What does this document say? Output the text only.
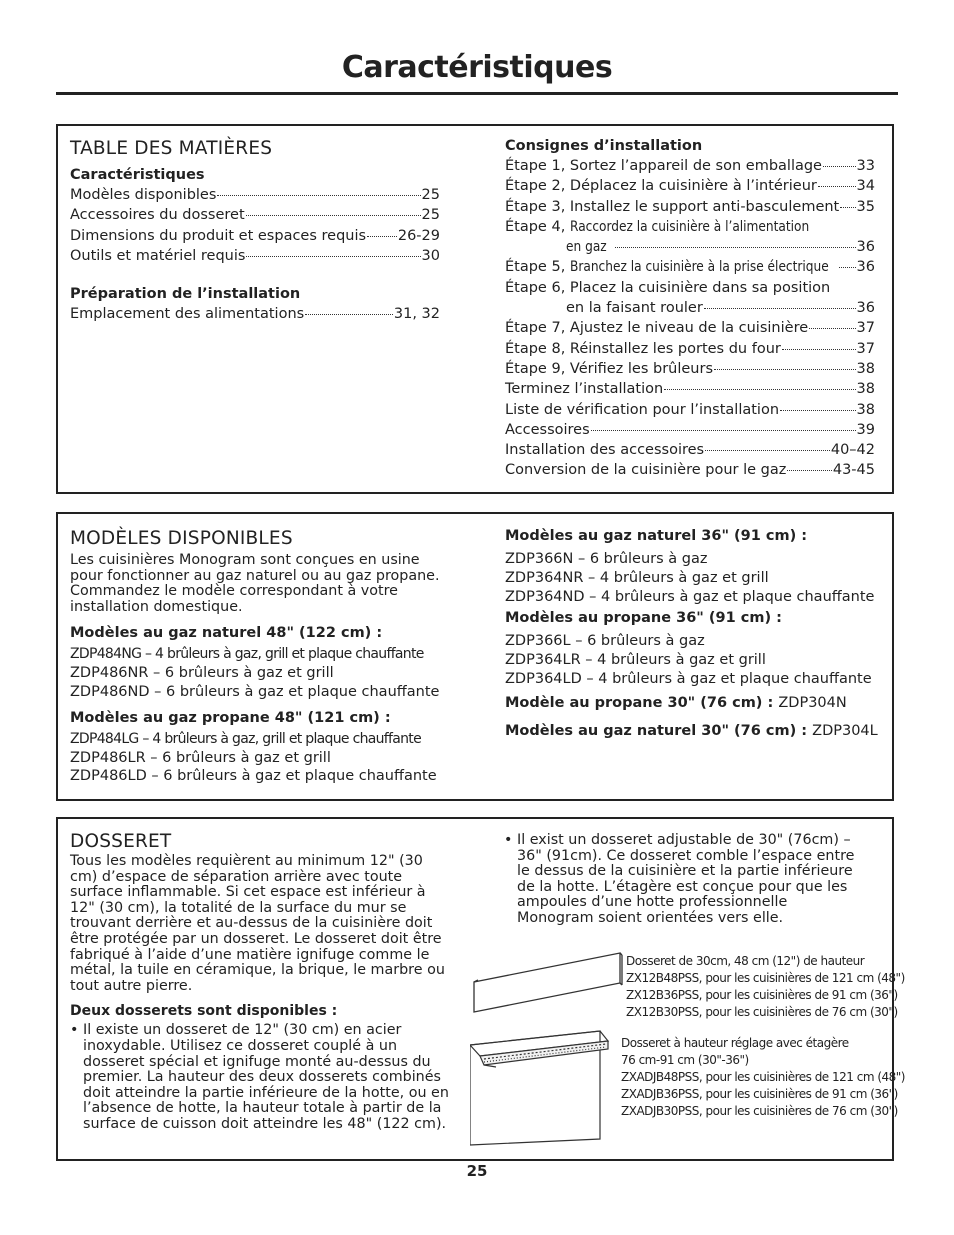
Caractéristiques
TABLE DES MATIÈRES
Caractéristiques
Modèles disponibles	25
Accessoires du dosseret	25
Dimensions du produit et espaces requis 26-29
Outils et matériel requis	30
Préparation de l’installation
Emplacement des alimentations	31, 32
Consignes d’installation
Étape 1, Sortez l’appareil de son emballage 33
Étape 2, Déplacez la cuisinière à l’intérieur	34
Étape 3, Installez le support anti-basculement 35
Étape 4, Raccordez la cuisinière à l’alimentation
en gaz	36
Étape 5, Branchez la cuisinière à la prise électrique	36
Étape 6, Placez la cuisinière dans sa position
en la faisant rouler	36
Étape 7, Ajustez le niveau de la cuisinière	37
Étape 8, Réinstallez les portes du four	37
Étape 9, Vérifiez les brûleurs	38
Terminez l’installation	38
Liste de vérification pour l’installation	38
Accessoires	39
Installation des accessoires	40–42
Conversion de la cuisinière pour le gaz	43-45
MODÈLES DISPONIBLES

Les cuisinières Monogram sont conçues en usine pour fonctionner au gaz naturel ou au gaz propane. Commandez le modèle correspondant à votre installation domestique.

Modèles au gaz naturel 48" (122 cm) :
ZDP484NG – 4 brûleurs à gaz, grill et plaque chauffante
ZDP486NR – 6 brûleurs à gaz et grill
ZDP486ND – 6 brûleurs à gaz et plaque chauffante
Modèles au gaz propane 48" (121 cm) :
ZDP484LG – 4 brûleurs à gaz, grill et plaque chauffante
ZDP486LR – 6 brûleurs à gaz et grill
ZDP486LD – 6 brûleurs à gaz et plaque chauffante
Modèles au gaz naturel 36" (91 cm) :
ZDP366N – 6 brûleurs à gaz
ZDP364NR – 4 brûleurs à gaz et grill
ZDP364ND – 4 brûleurs à gaz et plaque chauffante
Modèles au propane 36" (91 cm) :
ZDP366L – 6 brûleurs à gaz
ZDP364LR – 4 brûleurs à gaz et grill
ZDP364LD – 4 brûleurs à gaz et plaque chauffante
Modèle au propane 30" (76 cm) : ZDP304N
Modèles au gaz naturel 30" (76 cm) : ZDP304L
DOSSERET

Tous les modèles requièrent au minimum 12" (30 cm) d’espace de séparation arrière avec toute surface inflammable. Si cet espace est inférieur à 12" (30 cm), la totalité de la surface du mur se trouvant derrière et au-dessus de la cuisinière doit être protégée par un dosseret. Le dosseret doit être fabriqué à l’aide d’une matière ignifuge comme le métal, la tuile en céramique, la brique, le marbre ou tout autre pierre.

Deux dosserets sont disponibles :

• Il existe un dosseret de 12" (30 cm) en acier inoxydable. Utilisez ce dosseret couplé à un dosseret spécial et ignifuge monté au-dessus du premier. La hauteur des deux dosserets combinés doit atteindre la partie inférieure de la hotte, ou en l’absence de hotte, la hauteur totale à partir de la surface de cuisson doit atteindre les 48" (122 cm).

• Il exist un dosseret adjustable de 30" (76cm) – 36" (91cm). Ce dosseret comble l’espace entre le dessus de la cuisinière et la partie inférieure de la hotte. L’étagère est conçue pour que les ampoules d’une hotte professionnelle Monogram soient orientées vers elle.

Dosseret de 30cm, 48 cm (12") de hauteur
ZX12B48PSS, pour les cuisinières de 121 cm (48")
ZX12B36PSS, pour les cuisinières de 91 cm (36")
ZX12B30PSS, pour les cuisinières de 76 cm (30")
Dosseret à hauteur réglage avec étagère
76 cm-91 cm (30"-36")
ZXADJB48PSS, pour les cuisinières de 121 cm (48")
ZXADJB36PSS, pour les cuisinières de 91 cm (36")
ZXADJB30PSS, pour les cuisinières de 76 cm (30")
25
